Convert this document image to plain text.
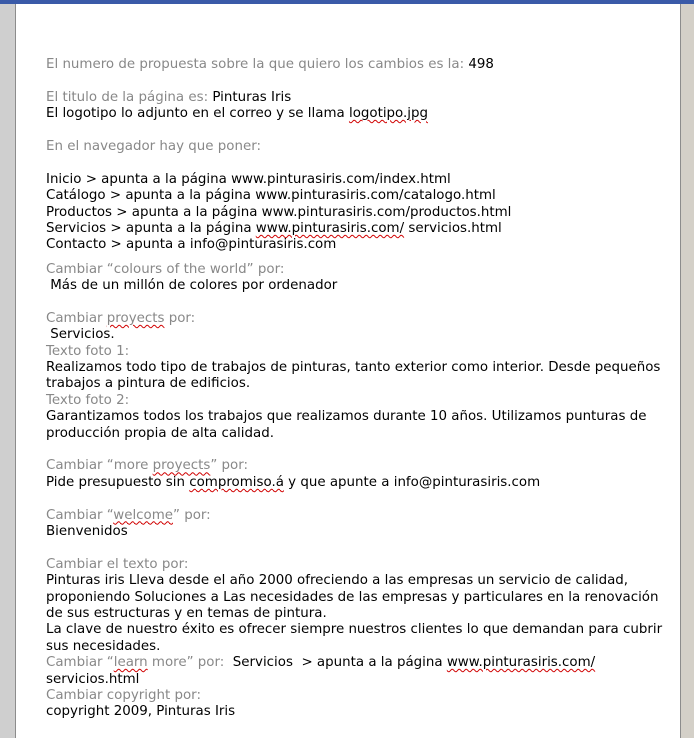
El numero de propuesta sobre la que quiero los cambios es la: 498
El titulo de la página es: Pinturas Iris
El logotipo lo adjunto en el correo y se llama logotipo.jpg
En el navegador hay que poner:
Inicio > apunta a la página www.pinturasiris.com/index.html
Catálogo > apunta a la página www.pinturasiris.com/catalogo.html
Productos > apunta a la página www.pinturasiris.com/productos.html
Servicios > apunta a la página www.pinturasiris.com/ servicios.html
Contacto > apunta a info@pinturasiris.com
Cambiar “colours of the world” por:
Más de un millón de colores por ordenador
Cambiar proyects por:
Servicios.
Texto foto 1:
Realizamos todo tipo de trabajos de pinturas, tanto exterior como interior. Desde pequeños trabajos a pintura de edificios.
Texto foto 2:
Garantizamos todos los trabajos que realizamos durante 10 años. Utilizamos punturas de producción propia de alta calidad.
Cambiar “more proyects” por:
Pide presupuesto sin compromiso.á y que apunte a info@pinturasiris.com
Cambiar “welcome” por:
Bienvenidos
Cambiar el texto por:
Pinturas iris Lleva desde el año 2000 ofreciendo a las empresas un servicio de calidad, proponiendo Soluciones a Las necesidades de las empresas y particulares en la renovación de sus estructuras y en temas de pintura.
La clave de nuestro éxito es ofrecer siempre nuestros clientes lo que demandan para cubrir sus necesidades.
Cambiar “learn more” por:  Servicios  > apunta a la página www.pinturasiris.com/ servicios.html
Cambiar copyright por:
copyright 2009, Pinturas Iris
